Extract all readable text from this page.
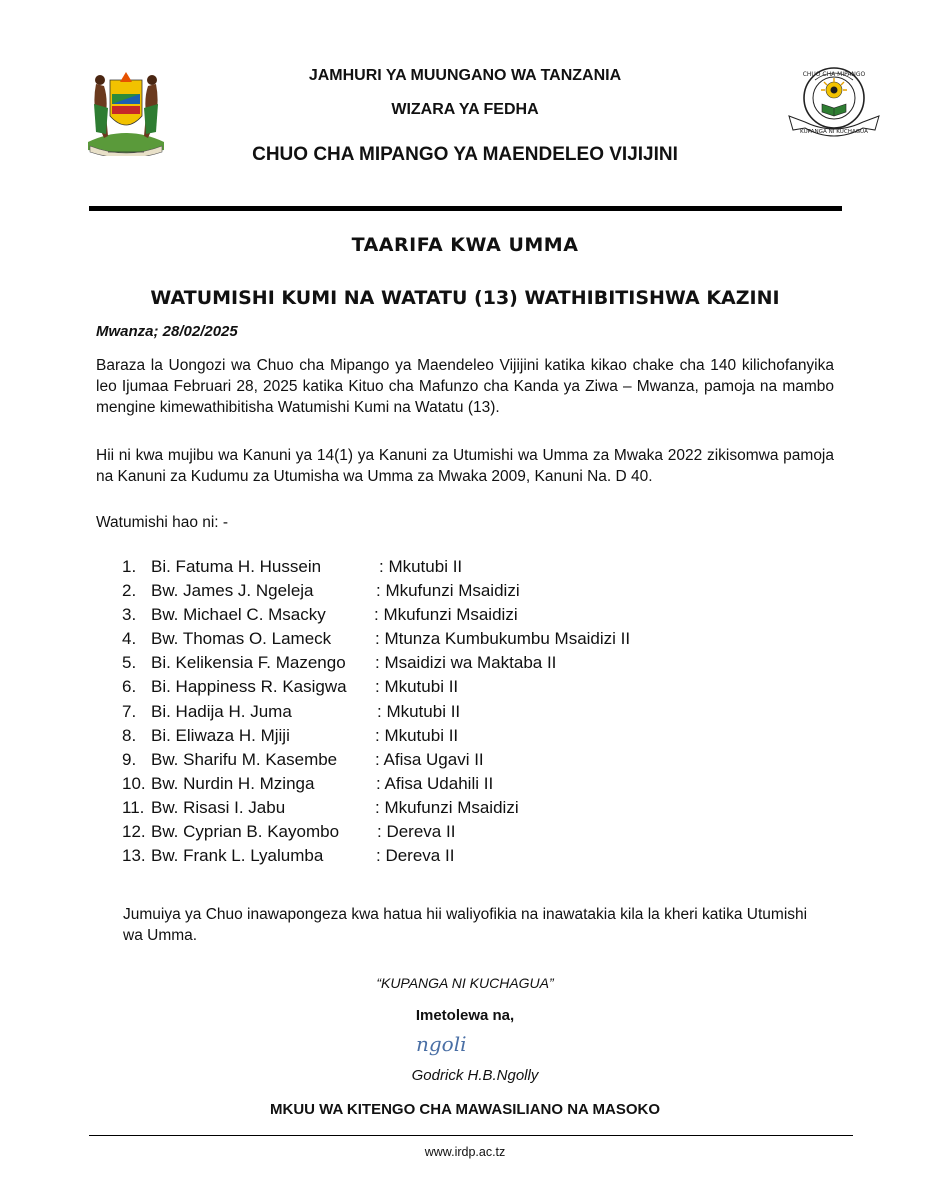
CHUO CHA MIPANGO
KUPANGA NI KUCHAGUA
JAMHURI YA MUUNGANO WA TANZANIA
WIZARA YA FEDHA
CHUO CHA MIPANGO YA MAENDELEO VIJIJINI
TAARIFA KWA UMMA
WATUMISHI KUMI NA WATATU (13) WATHIBITISHWA KAZINI
Mwanza; 28/02/2025
Baraza la Uongozi wa Chuo cha Mipango ya Maendeleo Vijijini katika kikao chake cha 140 kilichofanyika leo Ijumaa Februari 28, 2025 katika Kituo cha Mafunzo cha Kanda ya Ziwa – Mwanza, pamoja na mambo mengine kimewathibitisha Watumishi Kumi na Watatu (13).
Hii ni kwa mujibu wa Kanuni ya 14(1) ya Kanuni za Utumishi wa Umma za Mwaka 2022 zikisomwa pamoja na Kanuni za Kudumu za Utumisha wa Umma za Mwaka 2009, Kanuni Na. D 40.
Watumishi hao ni: -
1. Bi. Fatuma H. Hussein	: Mkutubi II
2. Bw. James J. Ngeleja	: Mkufunzi Msaidizi
3. Bw. Michael C. Msacky	: Mkufunzi Msaidizi
4. Bw. Thomas O. Lameck	: Mtunza Kumbukumbu Msaidizi II
5. Bi. Kelikensia F. Mazengo : Msaidizi wa Maktaba II
6. Bi. Happiness R. Kasigwa : Mkutubi II
7. Bi. Hadija H. Juma	: Mkutubi II
8. Bi. Eliwaza H. Mjiji	: Mkutubi II
9. Bw. Sharifu M. Kasembe : Afisa Ugavi II
10. Bw. Nurdin H. Mzinga	: Afisa Udahili II
11. Bw. Risasi I. Jabu	: Mkufunzi Msaidizi
12. Bw. Cyprian B. Kayombo : Dereva II
13. Bw. Frank L. Lyalumba	: Dereva II
Jumuiya ya Chuo inawapongeza kwa hatua hii waliyofikia na inawatakia kila la kheri katika Utumishi wa Umma.
“KUPANGA NI KUCHAGUA”
Imetolewa na,
ngoli
Godrick H.B.Ngolly
MKUU WA KITENGO CHA MAWASILIANO NA MASOKO
www.irdp.ac.tz
